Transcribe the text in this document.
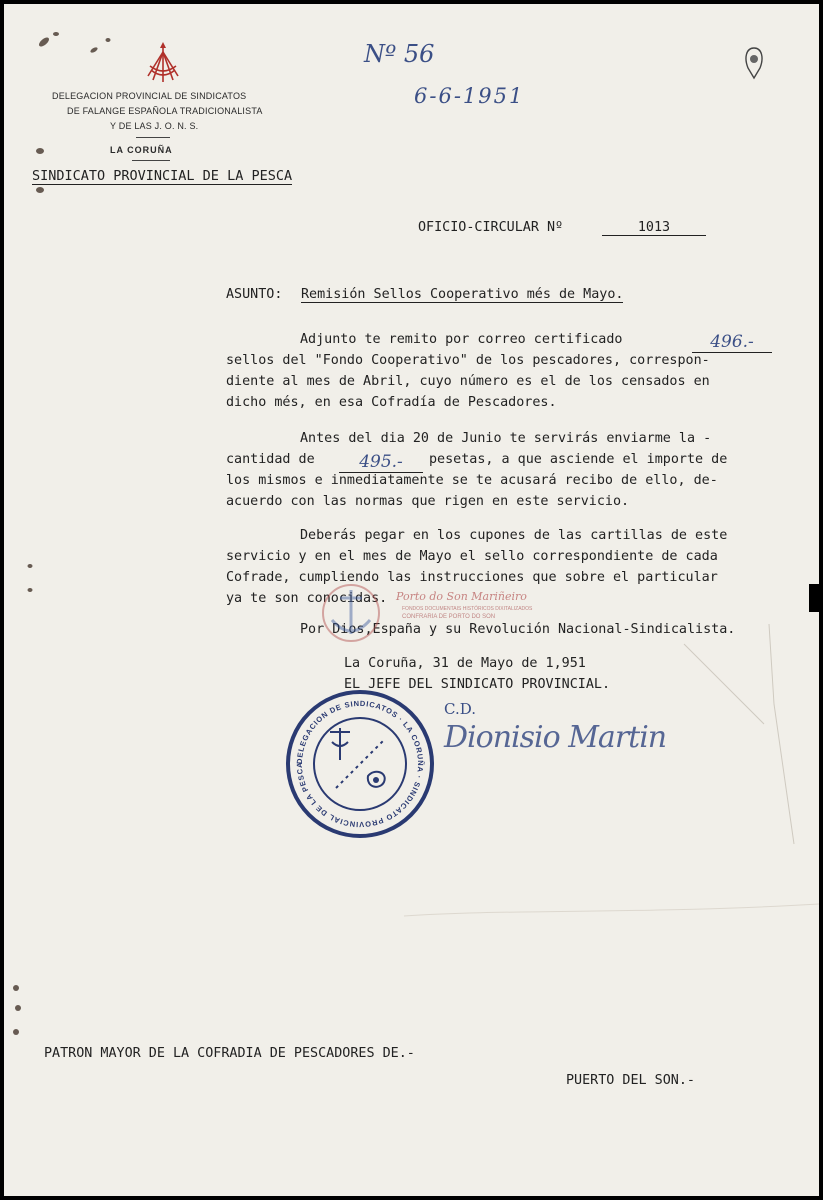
DELEGACION PROVINCIAL DE SINDICATOS
DE FALANGE ESPAÑOLA TRADICIONALISTA
Y DE LAS J. O. N. S.
LA CORUÑA
SINDICATO PROVINCIAL DE LA PESCA
Nº 56
6-6-1951
OFICIO-CIRCULAR Nº	1013
ASUNTO: Remisión Sellos Cooperativo més de Mayo.
Adjunto te remito por correo certificado	496.-
sellos del "Fondo Cooperativo" de los pescadores, correspon-
diente al mes de Abril, cuyo número es el de los censados en
dicho més, en esa Cofradía de Pescadores.
Antes del dia 20 de Junio te servirás enviarme la -
cantidad de	495.-	pesetas, a que asciende el importe de
los mismos e inmediatamente se te acusará recibo de ello, de-
acuerdo con las normas que rigen en este servicio.
Deberás pegar en los cupones de las cartillas de este
servicio y en el mes de Mayo el sello correspondiente de cada
Cofrade, cumpliendo las instrucciones que sobre el particular
ya te son conocidas.
Por Dios,España y su Revolución Nacional-Sindicalista.
Porto do Son Mariñeiro
FONDOS DOCUMENTAIS HISTÓRICOS DIXITALIZADOS
CONFRARÍA DE PORTO DO SON
La Coruña, 31 de Mayo de 1,951
EL JEFE DEL SINDICATO PROVINCIAL.
C.D.
Dionisio Martin
DELEGACION DE SINDICATOS · LA CORUÑA · SINDICATO PROVINCIAL DE LA PESCA
PATRON MAYOR DE LA COFRADIA DE PESCADORES DE.-
PUERTO DEL SON.-
